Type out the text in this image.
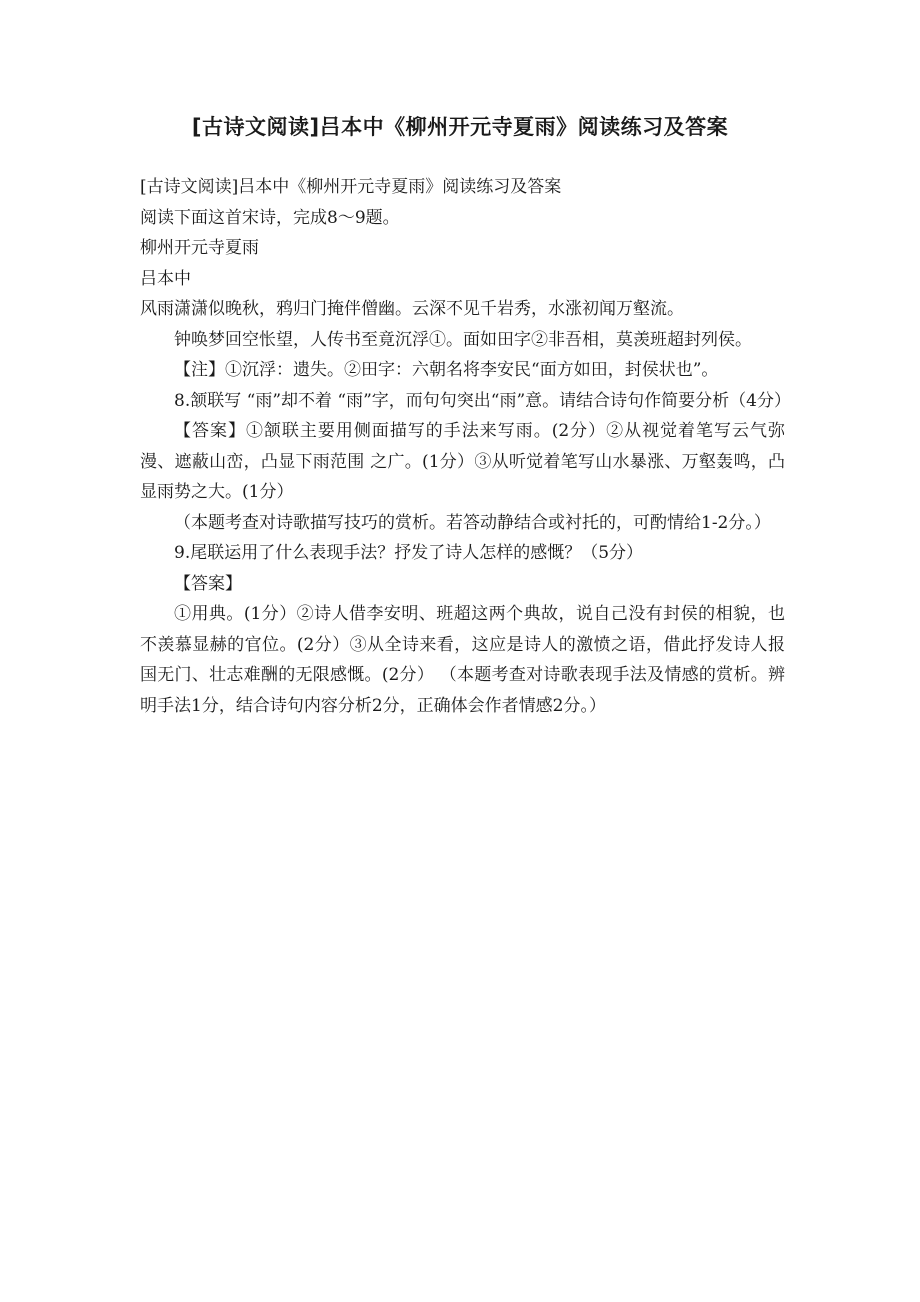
[古诗文阅读]吕本中《柳州开元寺夏雨》阅读练习及答案

[古诗文阅读]吕本中《柳州开元寺夏雨》阅读练习及答案

阅读下面这首宋诗，完成8～9题。

柳州开元寺夏雨

吕本中

风雨潇潇似晚秋，鸦归门掩伴僧幽。云深不见千岩秀，水涨初闻万壑流。

钟唤梦回空怅望，人传书至竟沉浮①。面如田字②非吾相，莫羡班超封列侯。

【注】①沉浮：遗失。②田字：六朝名将李安民“面方如田，封侯状也”。

8.颔联写 “雨”却不着 “雨”字，而句句突出“雨”意。请结合诗句作简要分析（4分）

【答案】①颔联主要用侧面描写的手法来写雨。(2分）②从视觉着笔写云气弥漫、遮蔽山峦，凸显下雨范围 之广。(1分）③从听觉着笔写山水暴涨、万壑轰鸣，凸显雨势之大。(1分）

（本题考查对诗歌描写技巧的赏析。若答动静结合或衬托的，可酌情给1-2分。）

9.尾联运用了什么表现手法？抒发了诗人怎样的感慨？（5分）

【答案】

①用典。(1分）②诗人借李安明、班超这两个典故，说自己没有封侯的相貌，也不羡慕显赫的官位。(2分）③从全诗来看，这应是诗人的激愤之语，借此抒发诗人报国无门、壮志难酬的无限感慨。(2分） （本题考查对诗歌表现手法及情感的赏析。辨明手法1分，结合诗句内容分析2分，正确体会作者情感2分。）
